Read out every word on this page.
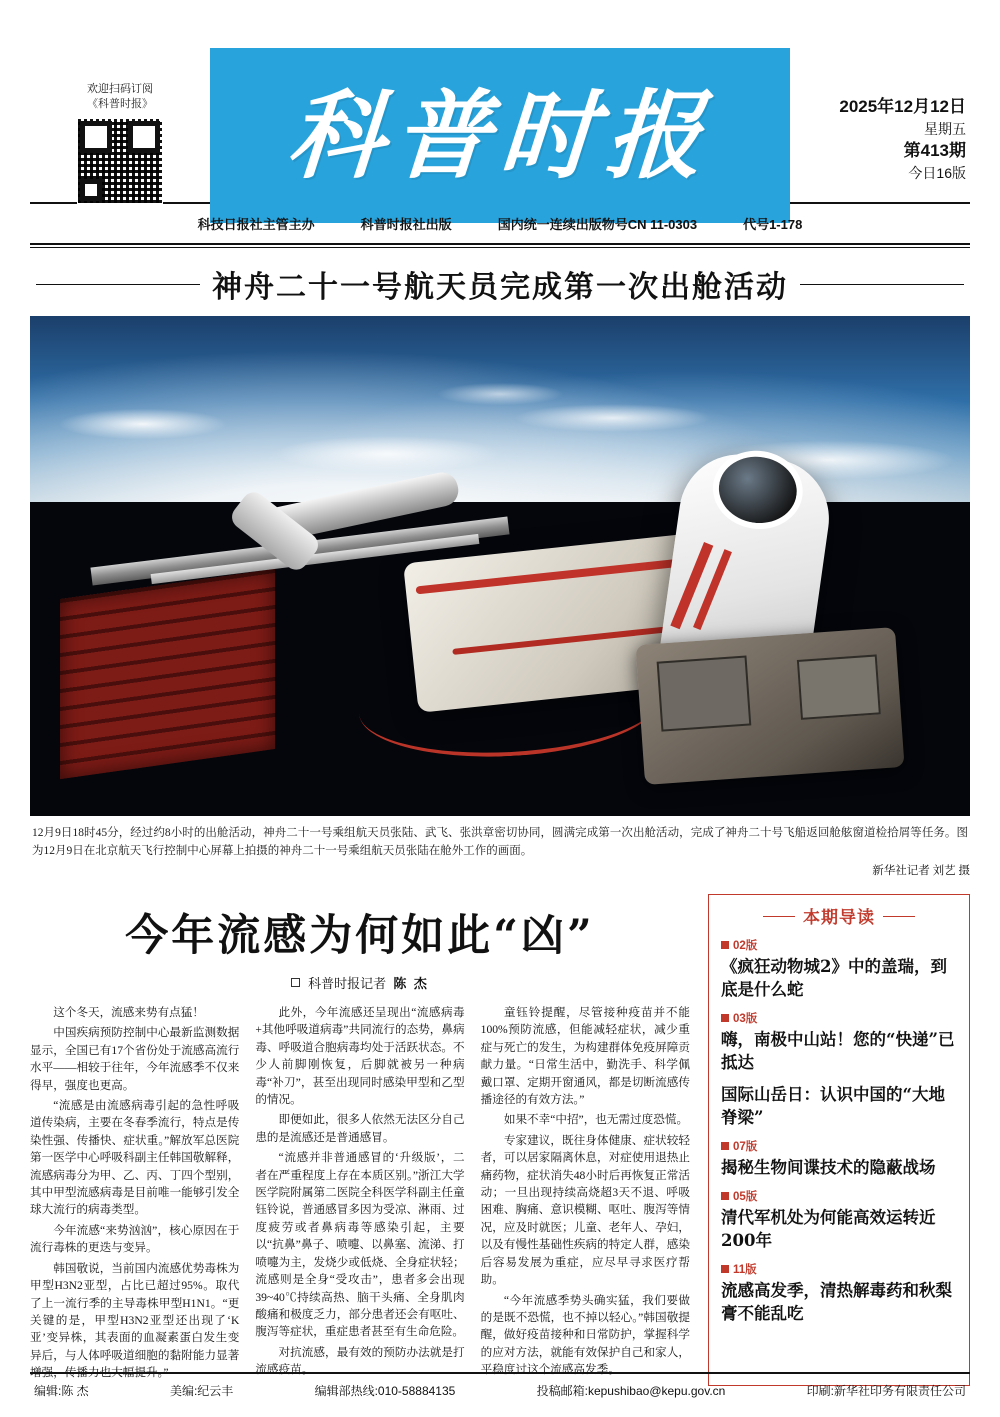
欢迎扫码订阅
《科普时报》	科普时报	2025年12月12日
星期五
第413期
今日16版
科技日报社主管主办	科普时报社出版	国内统一连续出版物号CN 11-0303	代号1-178
神舟二十一号航天员完成第一次出舱活动
12月9日18时45分，经过约8小时的出舱活动，神舟二十一号乘组航天员张陆、武飞、张洪章密切协同，圆满完成第一次出舱活动，完成了神舟二十号飞船返回舱舷窗道检拾屑等任务。图为12月9日在北京航天飞行控制中心屏幕上拍摄的神舟二十一号乘组航天员张陆在舱外工作的画面。
新华社记者 刘艺 摄
今年流感为何如此“凶”
科普时报记者 陈 杰

这个冬天，流感来势有点猛！

中国疾病预防控制中心最新监测数据显示，全国已有17个省份处于流感高流行水平——相较于往年，今年流感季不仅来得早，强度也更高。

“流感是由流感病毒引起的急性呼吸道传染病，主要在冬春季流行，特点是传染性强、传播快、症状重。”解放军总医院第一医学中心呼吸科副主任韩国敬解释，流感病毒分为甲、乙、丙、丁四个型别，其中甲型流感病毒是目前唯一能够引发全球大流行的病毒类型。

今年流感“来势汹汹”，核心原因在于流行毒株的更迭与变异。

韩国敬说，当前国内流感优势毒株为甲型H3N2亚型，占比已超过95%。取代了上一流行季的主导毒株甲型H1N1。“更关键的是，甲型H3N2亚型还出现了‘K亚’变异株，其表面的血凝素蛋白发生变异后，与人体呼吸道细胞的黏附能力显著增强，传播力也大幅提升。”

此外，今年流感还呈现出“流感病毒+其他呼吸道病毒”共同流行的态势，鼻病毒、呼吸道合胞病毒均处于活跃状态。不少人前脚刚恢复，后脚就被另一种病毒“补刀”，甚至出现同时感染甲型和乙型的情况。

即便如此，很多人依然无法区分自己患的是流感还是普通感冒。

“流感并非普通感冒的‘升级版’，二者在严重程度上存在本质区别。”浙江大学医学院附属第二医院全科医学科副主任童钰铃说，普通感冒多因为受凉、淋雨、过度疲劳或者鼻病毒等感染引起，主要以“抗鼻”鼻子、喷嚏、以鼻塞、流涕、打喷嚏为主，发烧少或低烧、全身症状轻；流感则是全身“受攻击”，患者多会出现39~40℃持续高热、脑干头痛、全身肌肉酸痛和极度乏力，部分患者还会有呕吐、腹泻等症状，重症患者甚至有生命危险。

对抗流感，最有效的预防办法就是打流感疫苗。

童钰铃提醒，尽管接种疫苗并不能100%预防流感，但能减轻症状，减少重症与死亡的发生，为构建群体免疫屏障贡献力量。“日常生活中，勤洗手、科学佩戴口罩、定期开窗通风，都是切断流感传播途径的有效方法。”

如果不幸“中招”，也无需过度恐慌。

专家建议，既往身体健康、症状较轻者，可以居家隔离休息，对症使用退热止痛药物，症状消失48小时后再恢复正常活动；一旦出现持续高烧超3天不退、呼吸困难、胸痛、意识模糊、呕吐、腹泻等情况，应及时就医；儿童、老年人、孕妇，以及有慢性基础性疾病的特定人群，感染后容易发展为重症，应尽早寻求医疗帮助。

“今年流感季势头确实猛，我们要做的是既不恐慌，也不掉以轻心。”韩国敬提醒，做好疫苗接种和日常防护，掌握科学的应对方法，就能有效保护自己和家人，平稳度过这个流感高发季。

本期导读
02版
《疯狂动物城2》中的盖瑞，到底是什么蛇
03版
嗨，南极中山站！您的“快递”已抵达
国际山岳日：认识中国的“大地脊梁”
07版
揭秘生物间谍技术的隐蔽战场
05版
清代军机处为何能高效运转近200年
11版
流感高发季，清热解毒药和秋梨膏不能乱吃
编辑:陈 杰	美编:纪云丰	编辑部热线:010-58884135	投稿邮箱:kepushibao@kepu.gov.cn	印刷:新华社印务有限责任公司
